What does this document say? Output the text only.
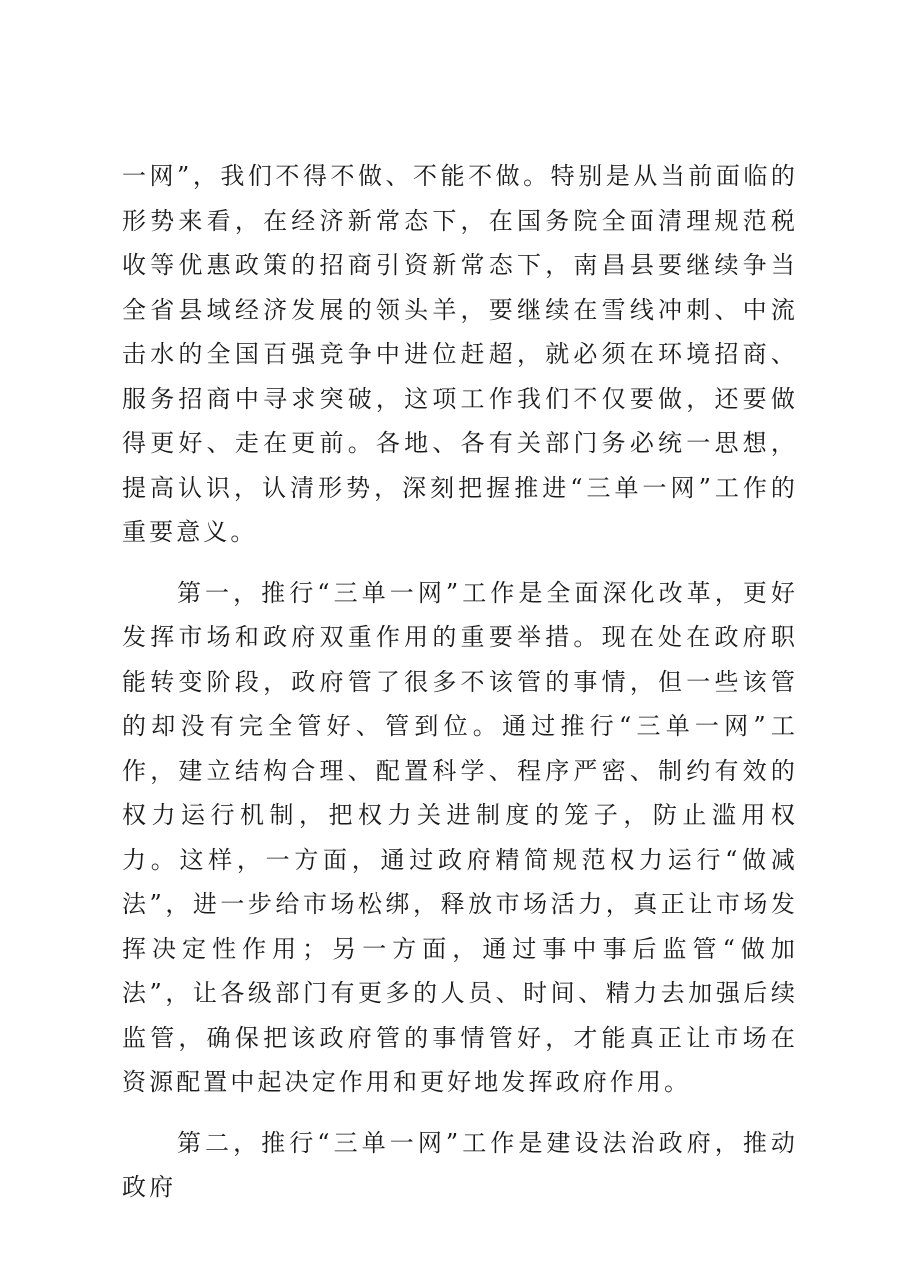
一网”，我们不得不做、不能不做。特别是从当前面临的形势来看，在经济新常态下，在国务院全面清理规范税收等优惠政策的招商引资新常态下，南昌县要继续争当全省县域经济发展的领头羊，要继续在雪线冲刺、中流击水的全国百强竞争中进位赶超，就必须在环境招商、服务招商中寻求突破，这项工作我们不仅要做，还要做得更好、走在更前。各地、各有关部门务必统一思想，提高认识，认清形势，深刻把握推进“三单一网”工作的重要意义。

第一，推行“三单一网”工作是全面深化改革，更好发挥市场和政府双重作用的重要举措。现在处在政府职能转变阶段，政府管了很多不该管的事情，但一些该管的却没有完全管好、管到位。通过推行“三单一网”工作，建立结构合理、配置科学、程序严密、制约有效的权力运行机制，把权力关进制度的笼子，防止滥用权力。这样，一方面，通过政府精简规范权力运行“做减法”，进一步给市场松绑，释放市场活力，真正让市场发挥决定性作用；另一方面，通过事中事后监管“做加法”，让各级部门有更多的人员、时间、精力去加强后续监管，确保把该政府管的事情管好，才能真正让市场在资源配置中起决定作用和更好地发挥政府作用。

第二，推行“三单一网”工作是建设法治政府，推动政府
